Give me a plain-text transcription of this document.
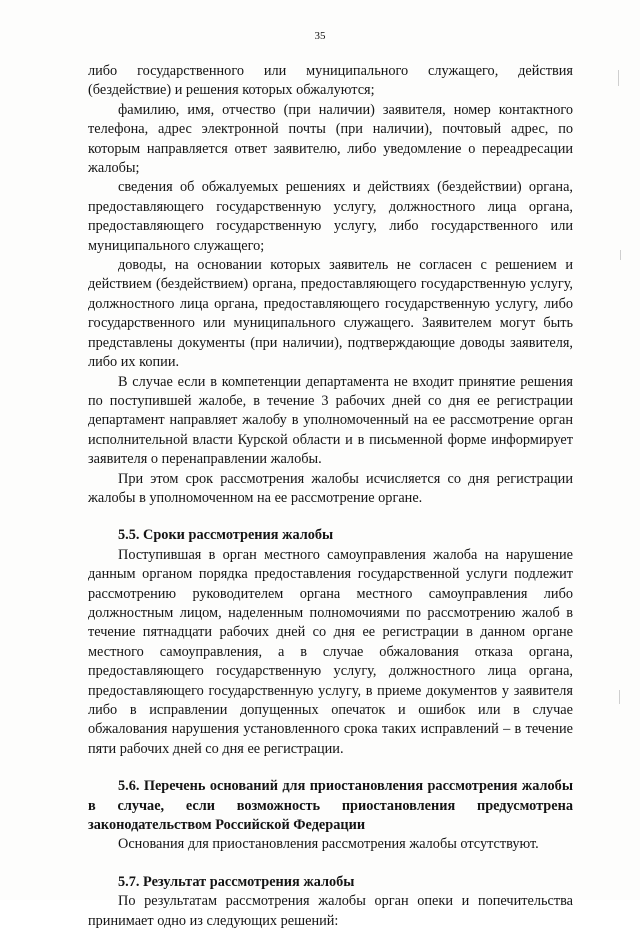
35

либо государственного или муниципального служащего, действия (бездействие) и решения которых обжалуются;

фамилию, имя, отчество (при наличии) заявителя, номер контактного телефона, адрес электронной почты (при наличии), почтовый адрес, по которым направляется ответ заявителю, либо уведомление о переадресации жалобы;

сведения об обжалуемых решениях и действиях (бездействии) органа, предоставляющего государственную услугу, должностного лица органа, предоставляющего государственную услугу, либо государственного или муниципального служащего;

доводы, на основании которых заявитель не согласен с решением и действием (бездействием) органа, предоставляющего государственную услугу, должностного лица органа, предоставляющего государственную услугу, либо государственного или муниципального служащего. Заявителем могут быть представлены документы (при наличии), подтверждающие доводы заявителя, либо их копии.

В случае если в компетенции департамента не входит принятие решения по поступившей жалобе, в течение 3 рабочих дней со дня ее регистрации департамент направляет жалобу в уполномоченный на ее рассмотрение орган исполнительной власти Курской области и в письменной форме информирует заявителя о перенаправлении жалобы.

При этом срок рассмотрения жалобы исчисляется со дня регистрации жалобы в уполномоченном на ее рассмотрение органе.

5.5. Сроки рассмотрения жалобы

Поступившая в орган местного самоуправления жалоба на нарушение данным органом порядка предоставления государственной услуги подлежит рассмотрению руководителем органа местного самоуправления либо должностным лицом, наделенным полномочиями по рассмотрению жалоб в течение пятнадцати рабочих дней со дня ее регистрации в данном органе местного самоуправления, а в случае обжалования отказа органа, предоставляющего государственную услугу, должностного лица органа, предоставляющего государственную услугу, в приеме документов у заявителя либо в исправлении допущенных опечаток и ошибок или в случае обжалования нарушения установленного срока таких исправлений – в течение пяти рабочих дней со дня ее регистрации.

5.6. Перечень оснований для приостановления рассмотрения жалобы в случае, если возможность приостановления предусмотрена законодательством Российской Федерации

Основания для приостановления рассмотрения жалобы отсутствуют.

5.7. Результат рассмотрения жалобы

По результатам рассмотрения жалобы орган опеки и попечительства принимает одно из следующих решений:
